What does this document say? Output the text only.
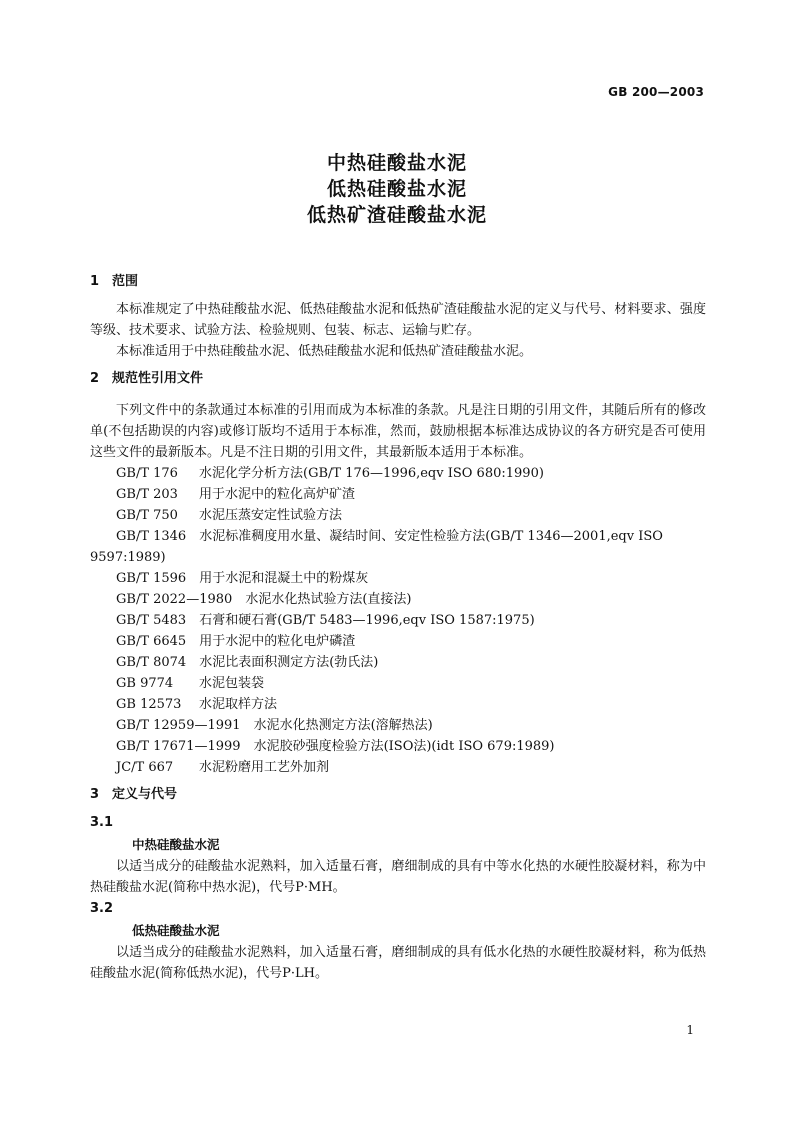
GB 200—2003
中热硅酸盐水泥
低热硅酸盐水泥
低热矿渣硅酸盐水泥
1 范围
本标准规定了中热硅酸盐水泥、低热硅酸盐水泥和低热矿渣硅酸盐水泥的定义与代号、材料要求、强度等级、技术要求、试验方法、检验规则、包装、标志、运输与贮存。
本标准适用于中热硅酸盐水泥、低热硅酸盐水泥和低热矿渣硅酸盐水泥。
2 规范性引用文件
下列文件中的条款通过本标准的引用而成为本标准的条款。凡是注日期的引用文件，其随后所有的修改单(不包括勘误的内容)或修订版均不适用于本标准，然而，鼓励根据本标准达成协议的各方研究是否可使用这些文件的最新版本。凡是不注日期的引用文件，其最新版本适用于本标准。
GB/T 176　 水泥化学分析方法(GB/T 176—1996,eqv ISO 680:1990)
GB/T 203　 用于水泥中的粒化高炉矿渣
GB/T 750　 水泥压蒸安定性试验方法
GB/T 1346　 水泥标准稠度用水量、凝结时间、安定性检验方法(GB/T 1346—2001,eqv ISO 9597:1989)
GB/T 1596　 用于水泥和混凝土中的粉煤灰
GB/T 2022—1980　 水泥水化热试验方法(直接法)
GB/T 5483　 石膏和硬石膏(GB/T 5483—1996,eqv ISO 1587:1975)
GB/T 6645　 用于水泥中的粒化电炉磷渣
GB/T 8074　 水泥比表面积测定方法(勃氏法)
GB 9774　 水泥包装袋
GB 12573　 水泥取样方法
GB/T 12959—1991　 水泥水化热测定方法(溶解热法)
GB/T 17671—1999　 水泥胶砂强度检验方法(ISO法)(idt ISO 679:1989)
JC/T 667　 水泥粉磨用工艺外加剂
3 定义与代号
3.1
中热硅酸盐水泥
以适当成分的硅酸盐水泥熟料，加入适量石膏，磨细制成的具有中等水化热的水硬性胶凝材料，称为中热硅酸盐水泥(简称中热水泥)，代号P·MH。
3.2
低热硅酸盐水泥
以适当成分的硅酸盐水泥熟料，加入适量石膏，磨细制成的具有低水化热的水硬性胶凝材料，称为低热硅酸盐水泥(简称低热水泥)，代号P·LH。
1
